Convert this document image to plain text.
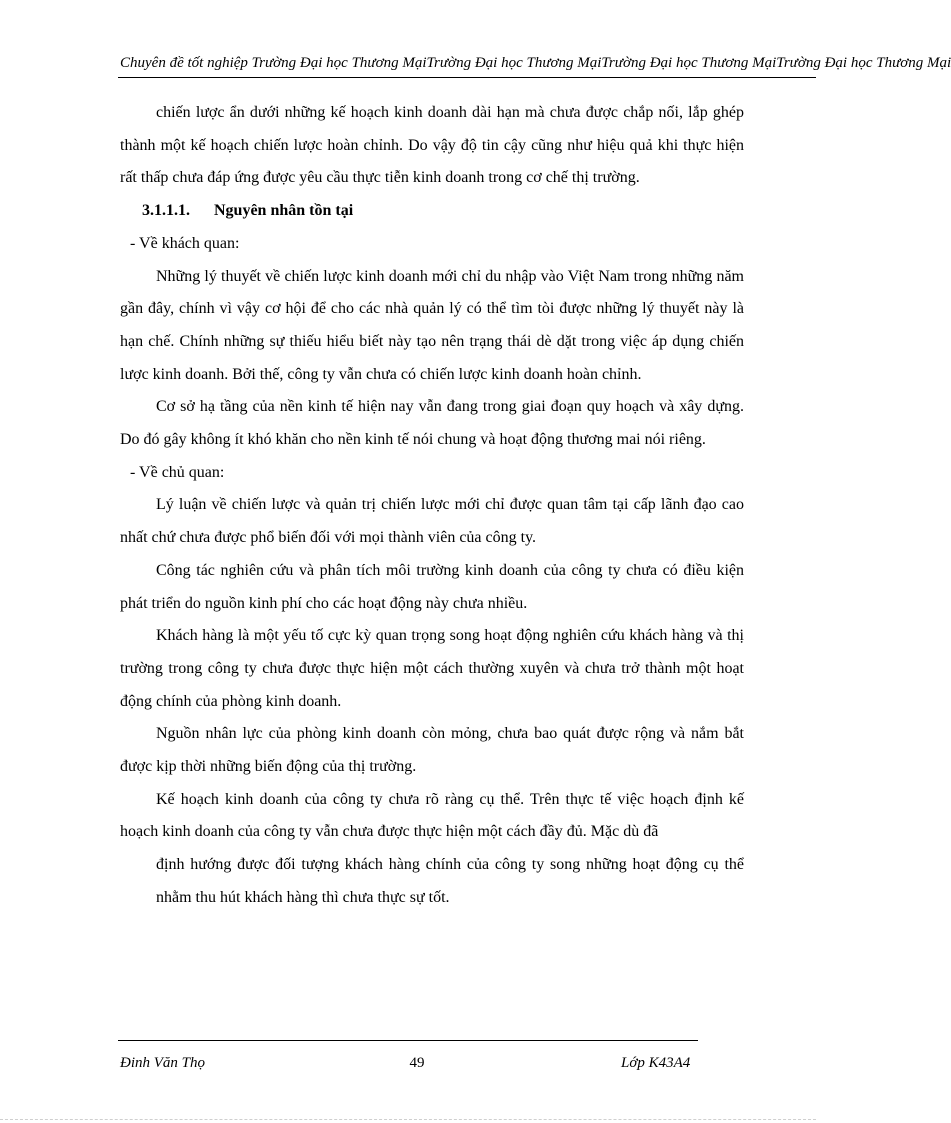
Chuyên đề tốt nghiệp Trường Đại học Thương MạiTrường Đại học Thương MạiTrường Đại học Thương MạiTrường Đại học Thương Mại

chiến lược ẩn dưới những kế hoạch kinh doanh dài hạn mà chưa được chắp nối, lắp ghép thành một kế hoạch chiến lược hoàn chỉnh. Do vậy độ tin cậy cũng như hiệu quả khi thực hiện rất thấp chưa đáp ứng được yêu cầu thực tiễn kinh doanh trong cơ chế thị trường.

3.1.1.1. Nguyên nhân tồn tại

- Về khách quan:

Những lý thuyết về chiến lược kinh doanh mới chỉ du nhập vào Việt Nam trong những năm gần đây, chính vì vậy cơ hội để cho các nhà quản lý có thể tìm tòi được những lý thuyết này là hạn chế. Chính những sự thiếu hiểu biết này tạo nên trạng thái dè dặt trong việc áp dụng chiến lược kinh doanh. Bởi thế, công ty vẫn chưa có chiến lược kinh doanh hoàn chỉnh.

Cơ sở hạ tầng của nền kinh tế hiện nay vẫn đang trong giai đoạn quy hoạch và xây dựng. Do đó gây không ít khó khăn cho nền kinh tế nói chung và hoạt động thương mai nói riêng.

- Về chủ quan:

Lý luận về chiến lược và quản trị chiến lược mới chỉ được quan tâm tại cấp lãnh đạo cao nhất chứ chưa được phổ biến đối với mọi thành viên của công ty.

Công tác nghiên cứu và phân tích môi trường kinh doanh của công ty chưa có điều kiện phát triển do nguồn kinh phí cho các hoạt động này chưa nhiều.

Khách hàng là một yếu tố cực kỳ quan trọng song hoạt động nghiên cứu khách hàng và thị trường trong công ty chưa được thực hiện một cách thường xuyên và chưa trở thành một hoạt động chính của phòng kinh doanh.

Nguồn nhân lực của phòng kinh doanh còn mỏng, chưa bao quát được rộng và nắm bắt được kịp thời những biến động của thị trường.

Kế hoạch kinh doanh của công ty chưa rõ ràng cụ thể. Trên thực tế việc hoạch định kế hoạch kinh doanh của công ty vẫn chưa được thực hiện một cách đầy đủ. Mặc dù đã

định hướng được đối tượng khách hàng chính của công ty song những hoạt động cụ thể nhằm thu hút khách hàng thì chưa thực sự tốt.

Đinh Văn Thọ	49	Lớp K43A4
